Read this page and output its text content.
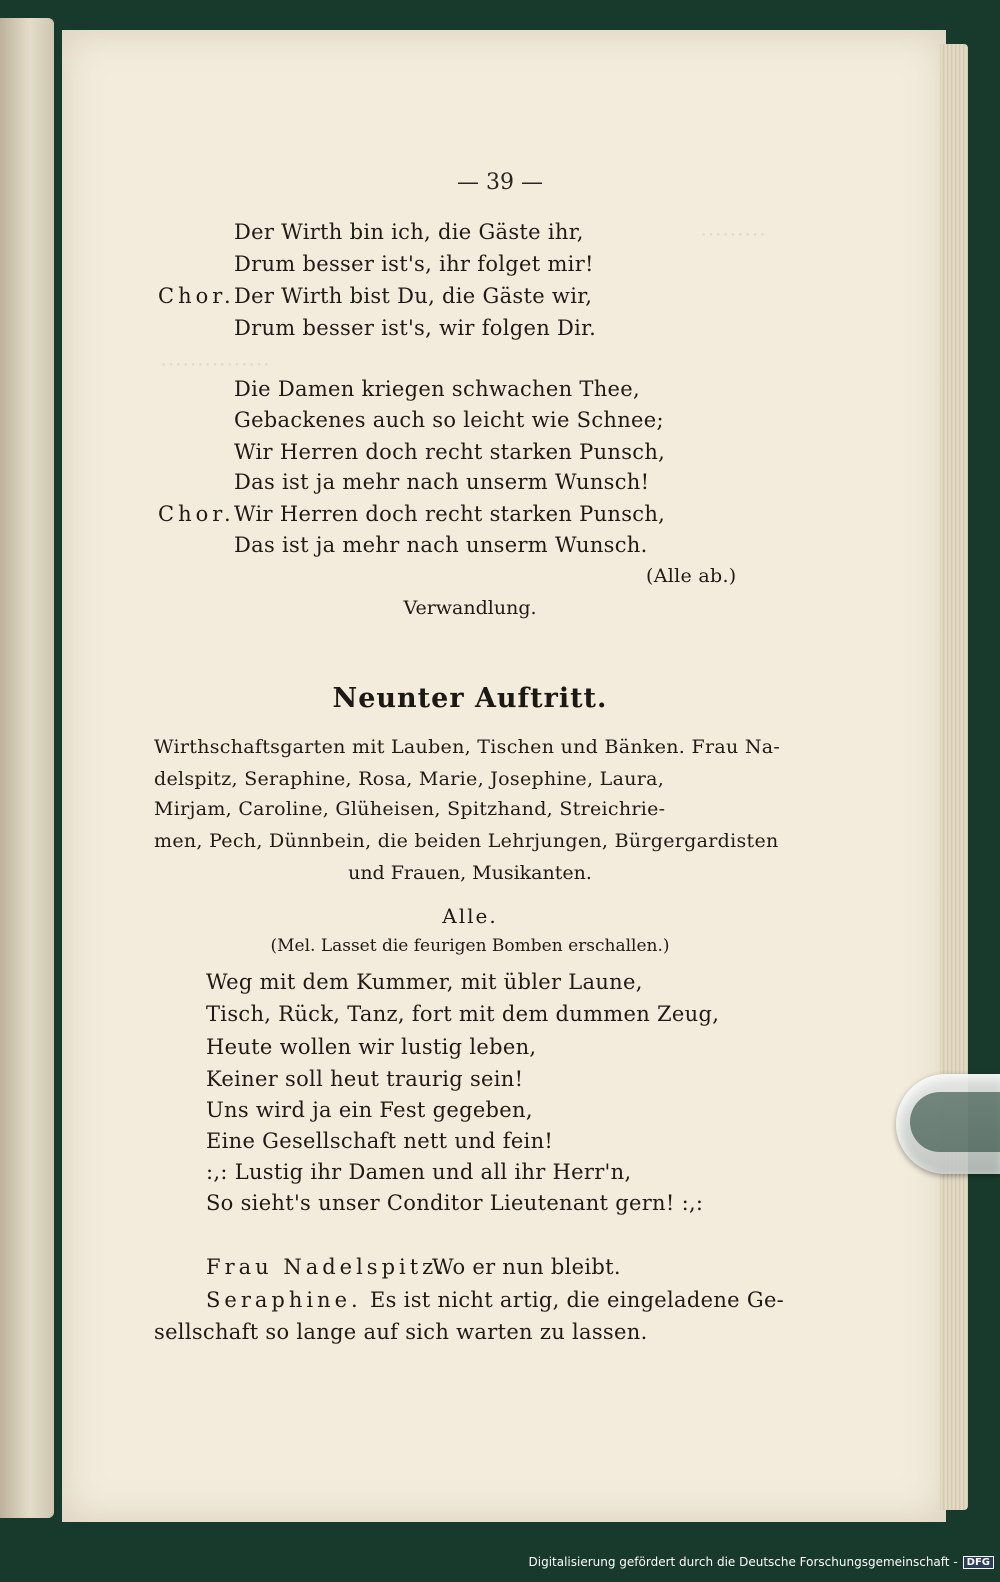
⋯⋯⋯
⋯⋯⋯⋯⋯
— 39 —
Der Wirth bin ich, die Gäste ihr,
Drum besser ist's, ihr folget mir!
Chor. Der Wirth bist Du, die Gäste wir,
Drum besser ist's, wir folgen Dir.
Die Damen kriegen schwachen Thee,
Gebackenes auch so leicht wie Schnee;
Wir Herren doch recht starken Punsch,
Das ist ja mehr nach unserm Wunsch!
Chor. Wir Herren doch recht starken Punsch,
Das ist ja mehr nach unserm Wunsch.
(Alle ab.)
Verwandlung.
Neunter Auftritt.
Wirthschaftsgarten mit Lauben, Tischen und Bänken. Frau Na-
delspitz, Seraphine, Rosa, Marie, Josephine, Laura,
Mirjam, Caroline, Glüheisen, Spitzhand, Streichrie-
men, Pech, Dünnbein, die beiden Lehrjungen, Bürgergardisten
und Frauen, Musikanten.
Alle.
(Mel. Lasset die feurigen Bomben erschallen.)
Weg mit dem Kummer, mit übler Laune,
Tisch, Rück, Tanz, fort mit dem dummen Zeug,
Heute wollen wir lustig leben,
Keiner soll heut traurig sein!
Uns wird ja ein Fest gegeben,
Eine Gesellschaft nett und fein!
:,: Lustig ihr Damen und all ihr Herr'n,
So sieht's unser Conditor Lieutenant gern! :,:
Frau Nadelspitz.
Wo er nun bleibt.
Seraphine. Es ist nicht artig, die eingeladene Ge-
sellschaft so lange auf sich warten zu lassen.
Digitalisierung gefördert durch die Deutsche Forschungsgemeinschaft - DFG
